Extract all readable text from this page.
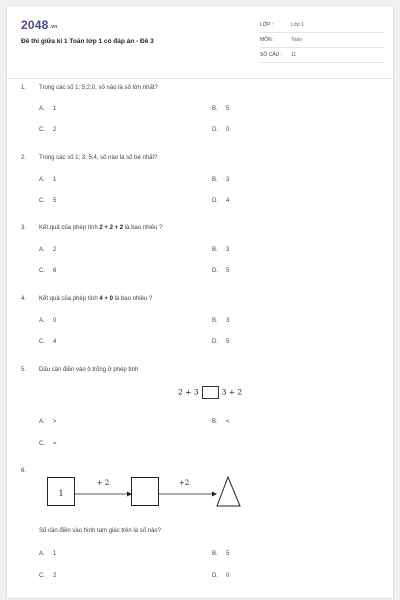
2048.vn
Đề thi giữa kì 1 Toán lớp 1 có đáp án - Đề 3
LỚP :	Lớp 1
MÔN :	Toán
SỐ CÂU : 11
1. Trong các số 1; 5;2;0, số nào là số lớn nhất?
A. 1	B. 5
C. 2	D. 0
2. Trong các số 1; 3; 5;4, số nào là số bé nhất?
A. 1	B. 3
C. 5	D. 4
3. Kết quả của phép tính 2 + 2 + 2 là bao nhiêu ?
A. 2	B. 3
C. 6	D. 5
4. Kết quả của phép tính 4 + 0 là bao nhiêu ?
A. 0	B. 3
C. 4	D. 5
5. Dấu cần điền vào ô trống ở phép tính
2 + 3	3 + 2
A. >	B. <
C. =
6.
1
+ 2	+2
Số cần điền vào hình tam giác trên là số nào?
A. 1	B. 5
C. 2	D. 0
